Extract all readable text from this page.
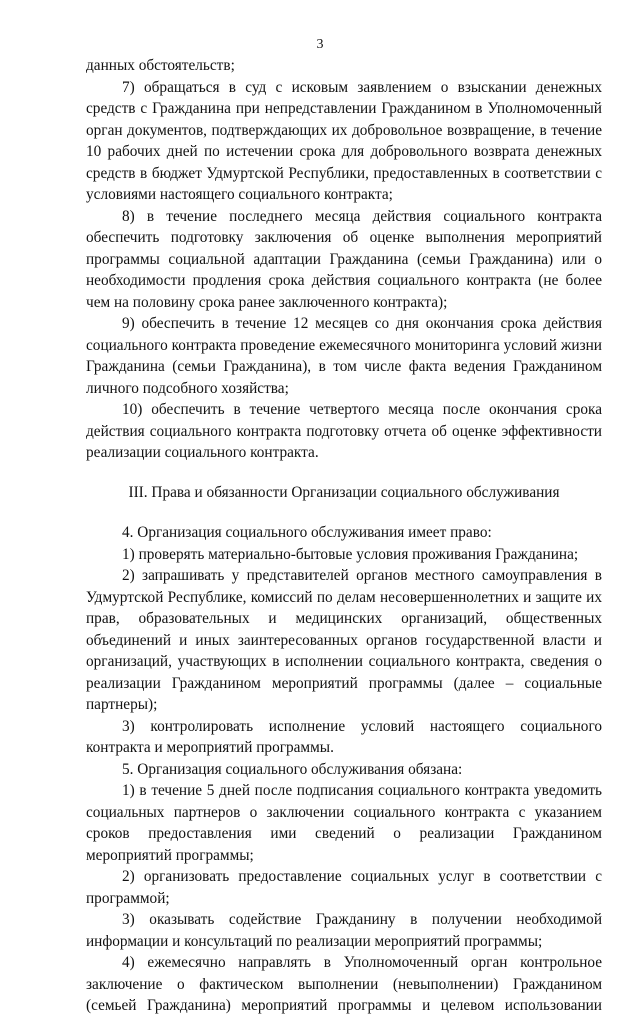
3

данных обстоятельств;

7) обращаться в суд с исковым заявлением о взыскании денежных средств с Гражданина при непредставлении Гражданином в Уполномоченный орган документов, подтверждающих их добровольное возвращение, в течение 10 рабочих дней по истечении срока для добровольного возврата денежных средств в бюджет Удмуртской Республики, предоставленных в соответствии с условиями настоящего социального контракта;

8) в течение последнего месяца действия социального контракта обеспечить подготовку заключения об оценке выполнения мероприятий программы социальной адаптации Гражданина (семьи Гражданина) или о необходимости продления срока действия социального контракта (не более чем на половину срока ранее заключенного контракта);

9) обеспечить в течение 12 месяцев со дня окончания срока действия социального контракта проведение ежемесячного мониторинга условий жизни Гражданина (семьи Гражданина), в том числе факта ведения Гражданином личного подсобного хозяйства;

10) обеспечить в течение четвертого месяца после окончания срока действия социального контракта подготовку отчета об оценке эффективности реализации социального контракта.

III. Права и обязанности Организации социального обслуживания

4. Организация социального обслуживания имеет право:

1) проверять материально-бытовые условия проживания Гражданина;

2) запрашивать у представителей органов местного самоуправления в Удмуртской Республике, комиссий по делам несовершеннолетних и защите их прав, образовательных и медицинских организаций, общественных объединений и иных заинтересованных органов государственной власти и организаций, участвующих в исполнении социального контракта, сведения о реализации Гражданином мероприятий программы (далее – социальные партнеры);

3) контролировать исполнение условий настоящего социального контракта и мероприятий программы.

5. Организация социального обслуживания обязана:

1) в течение 5 дней после подписания социального контракта уведомить социальных партнеров о заключении социального контракта с указанием сроков предоставления ими сведений о реализации Гражданином мероприятий программы;

2) организовать предоставление социальных услуг в соответствии с программой;

3) оказывать содействие Гражданину в получении необходимой информации и консультаций по реализации мероприятий программы;

4) ежемесячно направлять в Уполномоченный орган контрольное заключение о фактическом выполнении (невыполнении) Гражданином (семьей Гражданина) мероприятий программы и целевом использовании
